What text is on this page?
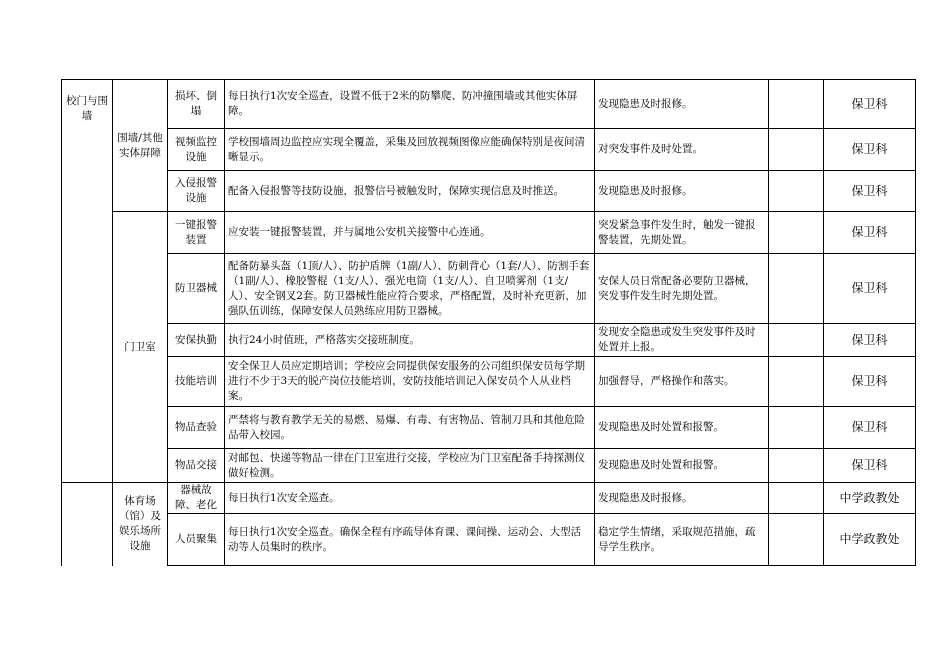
校门与围墙	围墙/其他实体屏障	损坏、倒塌	每日执行1次安全巡查，设置不低于2米的防攀爬、防冲撞围墙或其他实体屏障。	发现隐患及时报修。		保卫科
		视频监控设施	学校围墙周边监控应实现全覆盖，采集及回放视频图像应能确保特别是夜间清晰显示。	对突发事件及时处置。		保卫科
		入侵报警设施	配备入侵报警等技防设施，报警信号被触发时，保障实现信息及时推送。	发现隐患及时报修。		保卫科
	门卫室	一键报警装置	应安装一键报警装置，并与属地公安机关接警中心连通。	突发紧急事件发生时，触发一键报警装置，先期处置。		保卫科
		防卫器械	配备防暴头盔（1顶/人）、防护盾牌（1副/人）、防刺背心（1套/人）、防割手套（1副/人）、橡胶警棍（1支/人）、强光电筒（1支/人）、自卫喷雾剂（1支/人）、安全钢叉2套。防卫器械性能应符合要求，严格配置，及时补充更新，加强队伍训练，保障安保人员熟练应用防卫器械。	安保人员日常配备必要防卫器械，突发事件发生时先期处置。		保卫科
		安保执勤	执行24小时值班，严格落实交接班制度。	发现安全隐患或发生突发事件及时处置并上报。		保卫科
		技能培训	安全保卫人员应定期培训；学校应会同提供保安服务的公司组织保安员每学期进行不少于3天的脱产岗位技能培训，安防技能培训记入保安员个人从业档案。	加强督导，严格操作和落实。		保卫科
		物品查验	严禁将与教育教学无关的易燃、易爆、有毒、有害物品、管制刀具和其他危险品带入校园。	发现隐患及时处置和报警。		保卫科
		物品交接	对邮包、快递等物品一律在门卫室进行交接，学校应为门卫室配备手持探测仪做好检测。	发现隐患及时处置和报警。		保卫科
	体育场（馆）及娱乐场所设施	器械故障、老化	每日执行1次安全巡查。	发现隐患及时报修。		中学政教处
		人员聚集	每日执行1次安全巡查。确保全程有序疏导体育课、课间操、运动会、大型活动等人员集时的秩序。	稳定学生情绪，采取规范措施，疏导学生秩序。		中学政教处
